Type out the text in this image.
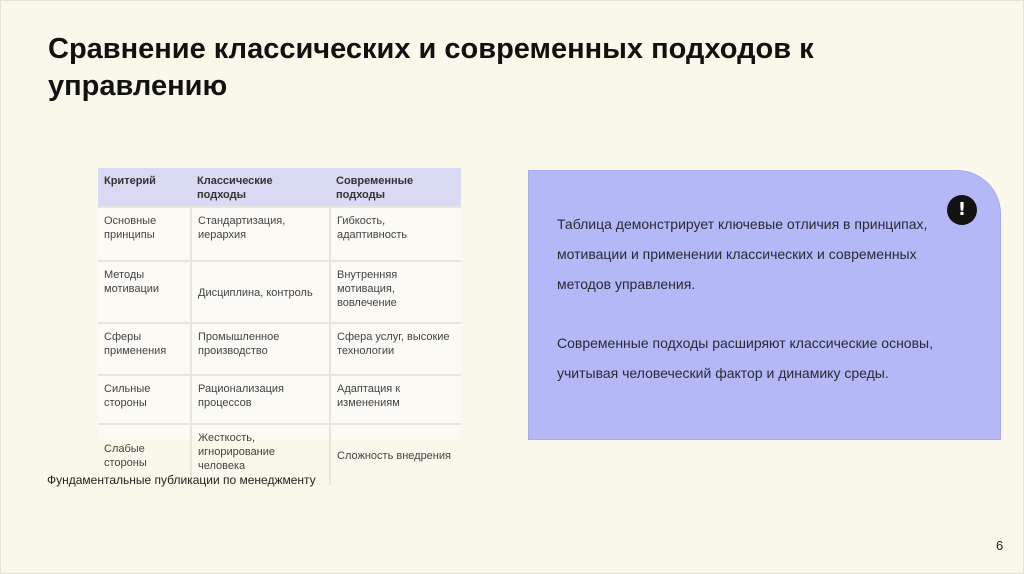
Сравнение классических и современных подходов к управлению
Критерий	Классические подходы	Современные подходы
Основные принципы	Стандартизация, иерархия	Гибкость, адаптивность
Методы мотивации	Дисциплина, контроль	Внутренняя мотивация, вовлечение
Сферы применения	Промышленное производство	Сфера услуг, высокие технологии
Сильные стороны	Рационализация процессов	Адаптация к изменениям
Слабые стороны	Жесткость, игнорирование человека	Сложность внедрения
!

Таблица демонстрирует ключевые отличия в принципах, мотивации и применении классических и современных методов управления.

Современные подходы расширяют классические основы, учитывая человеческий фактор и динамику среды.

Фундаментальные публикации по менеджменту
6
